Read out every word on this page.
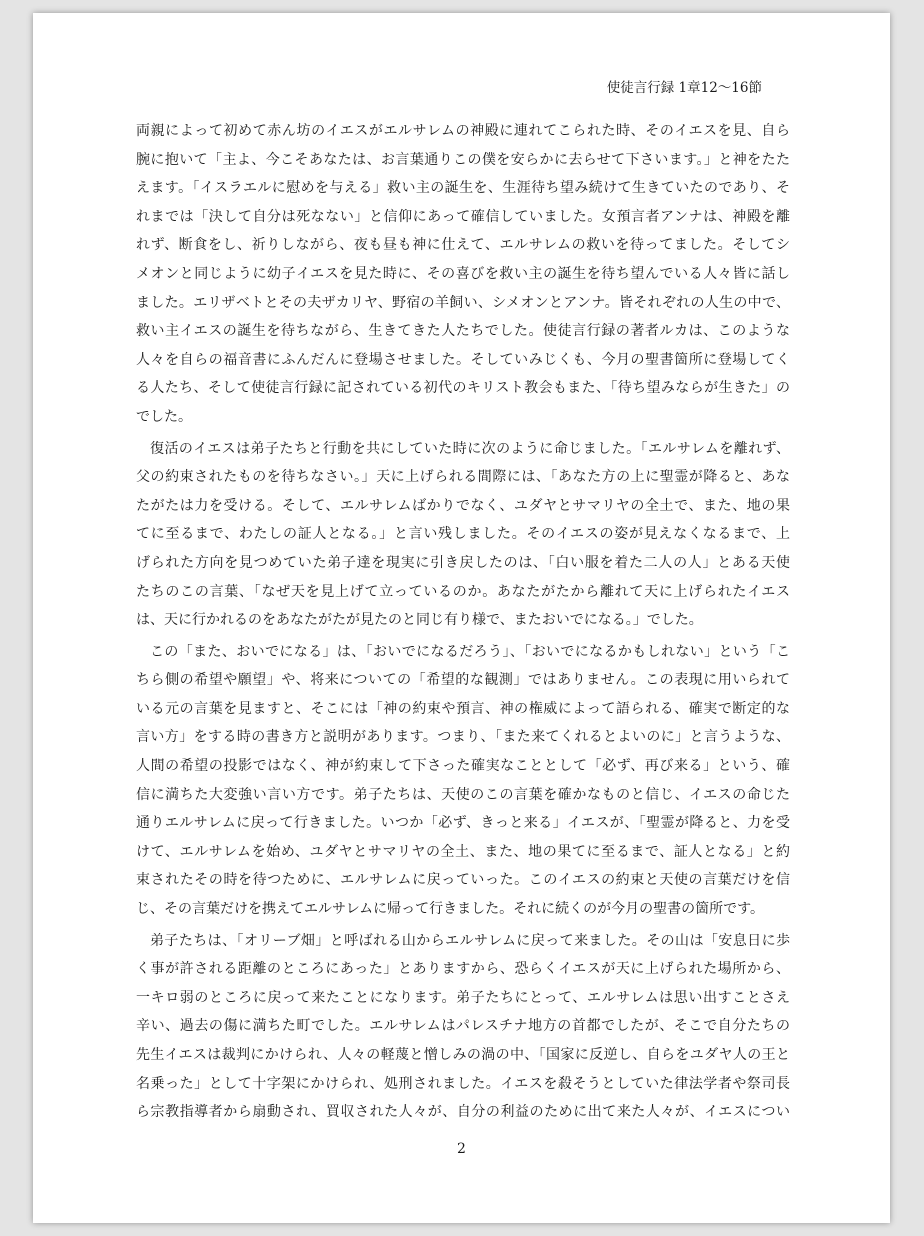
使徒言行録 1章12〜16節
両親によって初めて赤ん坊のイエスがエルサレムの神殿に連れてこられた時、そのイエスを見、自ら
腕に抱いて「主よ、今こそあなたは、お言葉通りこの僕を安らかに去らせて下さいます。」と神をたた
えます。「イスラエルに慰めを与える」救い主の誕生を、生涯待ち望み続けて生きていたのであり、そ
れまでは「決して自分は死なない」と信仰にあって確信していました。女預言者アンナは、神殿を離
れず、断食をし、祈りしながら、夜も昼も神に仕えて、エルサレムの救いを待ってました。そしてシ
メオンと同じように幼子イエスを見た時に、その喜びを救い主の誕生を待ち望んでいる人々皆に話し
ました。エリザベトとその夫ザカリヤ、野宿の羊飼い、シメオンとアンナ。皆それぞれの人生の中で、
救い主イエスの誕生を待ちながら、生きてきた人たちでした。使徒言行録の著者ルカは、このような
人々を自らの福音書にふんだんに登場させました。そしていみじくも、今月の聖書箇所に登場してく
る人たち、そして使徒言行録に記されている初代のキリスト教会もまた、「待ち望みならが生きた」の
でした。
復活のイエスは弟子たちと行動を共にしていた時に次のように命じました。「エルサレムを離れず、
父の約束されたものを待ちなさい。」天に上げられる間際には、「あなた方の上に聖霊が降ると、あな
たがたは力を受ける。そして、エルサレムばかりでなく、ユダヤとサマリヤの全土で、また、地の果
てに至るまで、わたしの証人となる。」と言い残しました。そのイエスの姿が見えなくなるまで、上
げられた方向を見つめていた弟子達を現実に引き戻したのは、「白い服を着た二人の人」とある天使
たちのこの言葉、「なぜ天を見上げて立っているのか。あなたがたから離れて天に上げられたイエス
は、天に行かれるのをあなたがたが見たのと同じ有り様で、またおいでになる。」でした。
この「また、おいでになる」は、「おいでになるだろう」、「おいでになるかもしれない」という「こ
ちら側の希望や願望」や、将来についての「希望的な観測」ではありません。この表現に用いられて
いる元の言葉を見ますと、そこには「神の約束や預言、神の権威によって語られる、確実で断定的な
言い方」をする時の書き方と説明があります。つまり、「また来てくれるとよいのに」と言うような、
人間の希望の投影ではなく、神が約束して下さった確実なこととして「必ず、再び来る」という、確
信に満ちた大変強い言い方です。弟子たちは、天使のこの言葉を確かなものと信じ、イエスの命じた
通りエルサレムに戻って行きました。いつか「必ず、きっと来る」イエスが、「聖霊が降ると、力を受
けて、エルサレムを始め、ユダヤとサマリヤの全土、また、地の果てに至るまで、証人となる」と約
束されたその時を待つために、エルサレムに戻っていった。このイエスの約束と天使の言葉だけを信
じ、その言葉だけを携えてエルサレムに帰って行きました。それに続くのが今月の聖書の箇所です。
弟子たちは、「オリーブ畑」と呼ばれる山からエルサレムに戻って来ました。その山は「安息日に歩
く事が許される距離のところにあった」とありますから、恐らくイエスが天に上げられた場所から、
一キロ弱のところに戻って来たことになります。弟子たちにとって、エルサレムは思い出すことさえ
辛い、過去の傷に満ちた町でした。エルサレムはパレスチナ地方の首都でしたが、そこで自分たちの
先生イエスは裁判にかけられ、人々の軽蔑と憎しみの渦の中、「国家に反逆し、自らをユダヤ人の王と
名乗った」として十字架にかけられ、処刑されました。イエスを殺そうとしていた律法学者や祭司長
ら宗教指導者から扇動され、買収された人々が、自分の利益のために出て来た人々が、イエスについ
2
